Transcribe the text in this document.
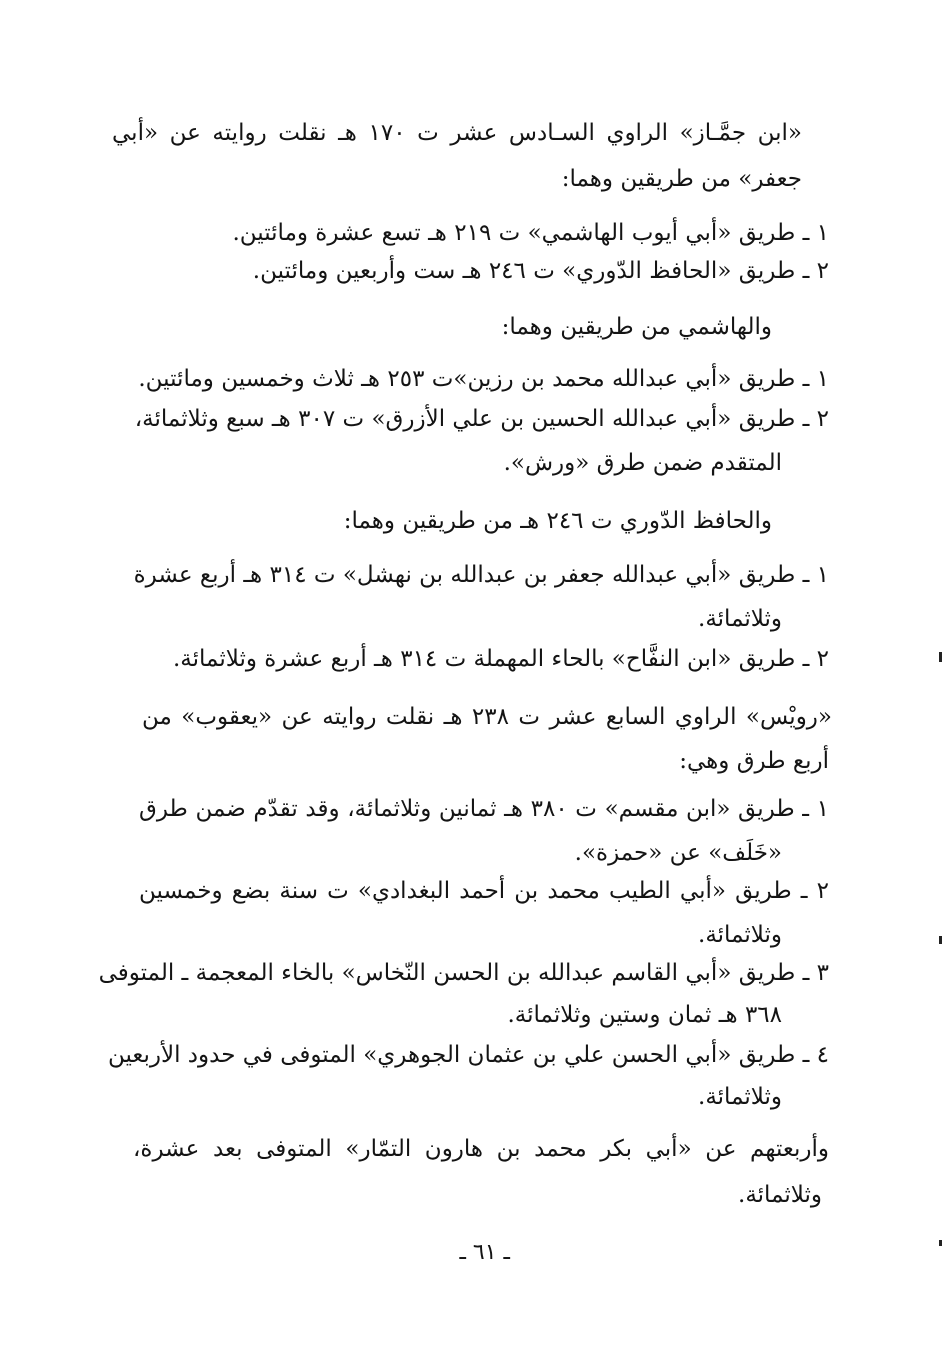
«ابن جمَّـاز» الراوي السـادس عشر ت ١٧٠ هـ نقلت روايته عن «أبي
جعفر» من طريقين وهما:
١ ـ طريق «أبي أيوب الهاشمي» ت ٢١٩ هـ تسع عشرة ومائتين.
٢ ـ طريق «الحافظ الدّوري» ت ٢٤٦ هـ ست وأربعين ومائتين.
والهاشمي من طريقين وهما:
١ ـ طريق «أبي عبدالله محمد بن رزين»ت ٢٥٣ هـ ثلاث وخمسين ومائتين.
٢ ـ طريق «أبي عبدالله الحسين بن علي الأزرق» ت ٣٠٧ هـ سبع وثلاثمائة،
المتقدم ضمن طرق «ورش».
والحافظ الدّوري ت ٢٤٦ هـ من طريقين وهما:
١ ـ طريق «أبي عبدالله جعفر بن عبدالله بن نهشل» ت ٣١٤ هـ أربع عشرة
وثلاثمائة.
٢ ـ طريق «ابن النفَّاح» بالحاء المهملة ت ٣١٤ هـ أربع عشرة وثلاثمائة.
«رويْس» الراوي السابع عشر ت ٢٣٨ هـ نقلت روايته عن «يعقوب» من
أربع طرق وهي:
١ ـ طريق «ابن مقسم» ت ٣٨٠ هـ ثمانين وثلاثمائة، وقد تقدّم ضمن طرق
«خَلَف» عن «حمزة».
٢ ـ طريق «أبي الطيب محمد بن أحمد البغدادي» ت سنة بضع وخمسين
وثلاثمائة.
٣ ـ طريق «أبي القاسم عبدالله بن الحسن النّخاس» بالخاء المعجمة ـ المتوفى
٣٦٨ هـ ثمان وستين وثلاثمائة.
٤ ـ طريق «أبي الحسن علي بن عثمان الجوهري» المتوفى في حدود الأربعين
وثلاثمائة.
وأربعتهم عن «أبي بكر محمد بن هارون التمّار» المتوفى بعد عشرة،
وثلاثمائة.
ـ ٦١ ـ
